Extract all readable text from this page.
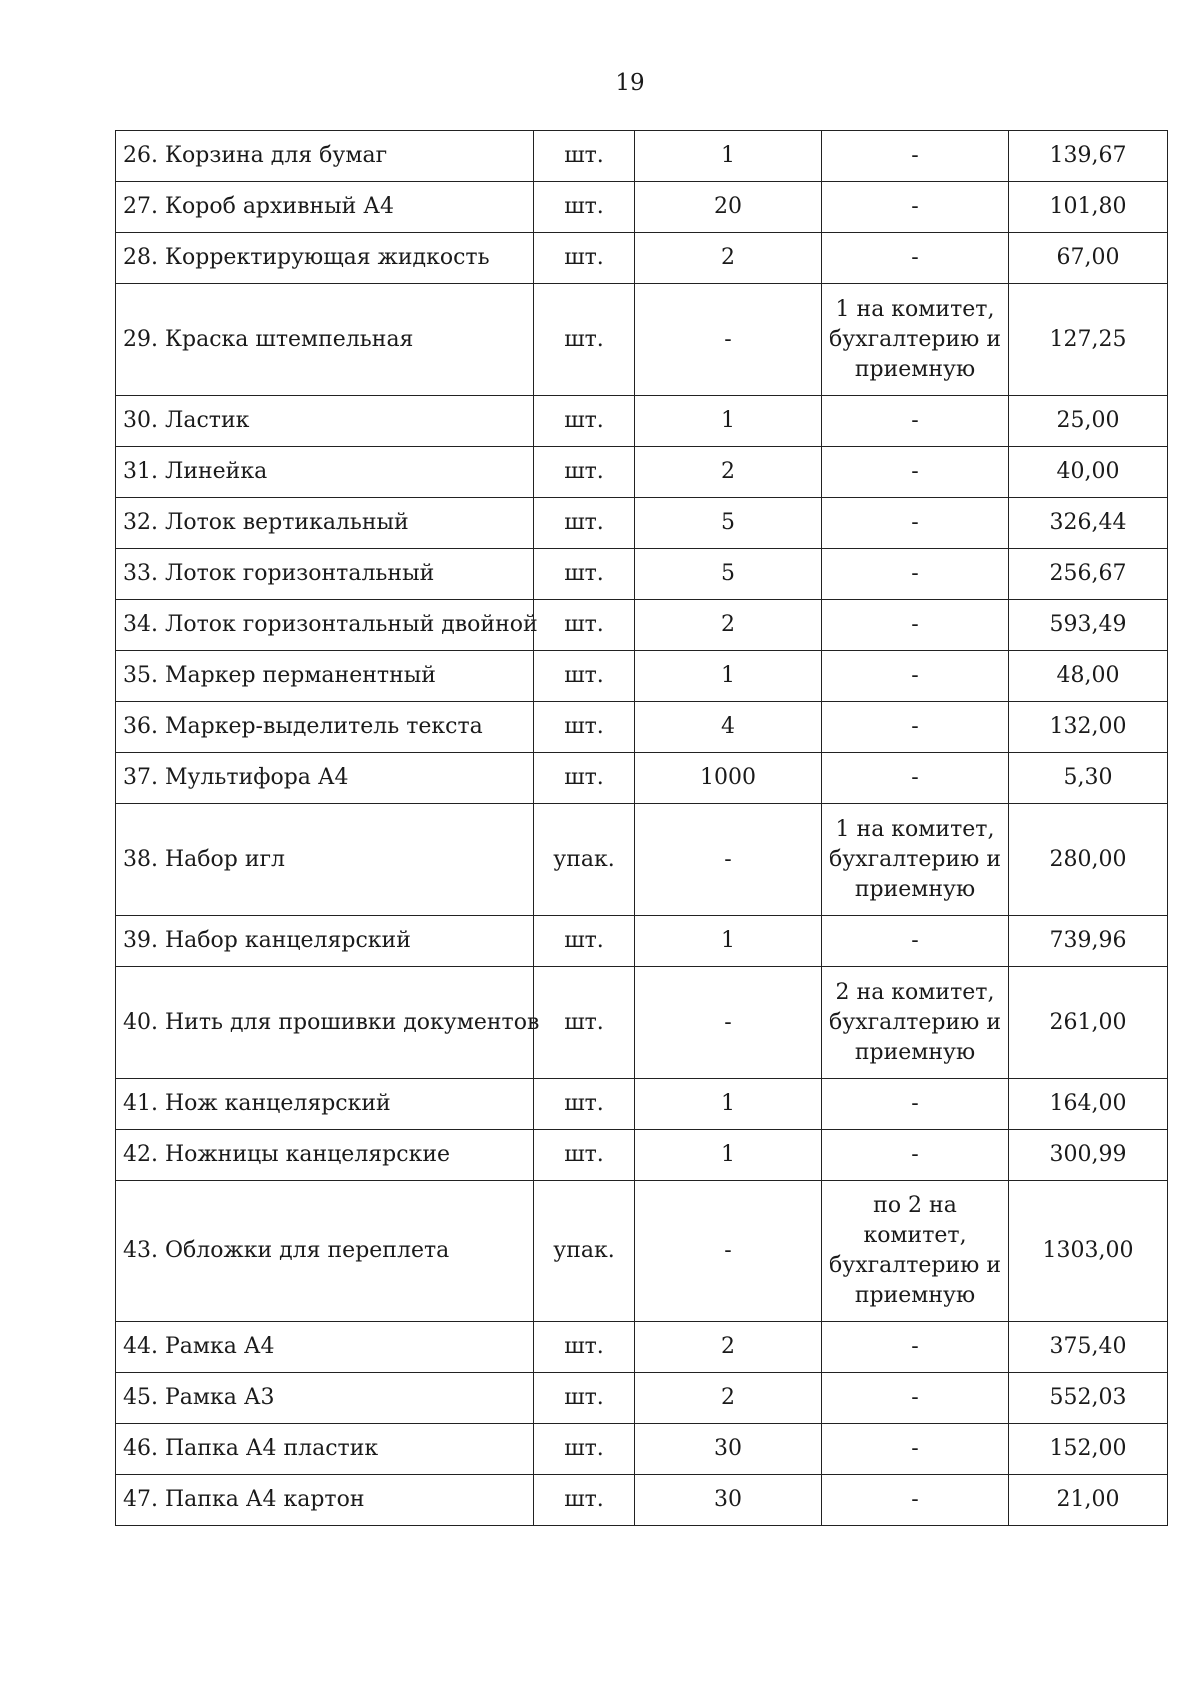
19
26. Корзина для бумаг	шт.	1	-	139,67
27. Короб архивный А4	шт.	20	-	101,80
28. Корректирующая жидкость	шт.	2	-	67,00
29. Краска штемпельная	шт.	-	1 на комитет, бухгалтерию и приемную	127,25
30. Ластик	шт.	1	-	25,00
31. Линейка	шт.	2	-	40,00
32. Лоток вертикальный	шт.	5	-	326,44
33. Лоток горизонтальный	шт.	5	-	256,67
34. Лоток горизонтальный двойной	шт.	2	-	593,49
35. Маркер перманентный	шт.	1	-	48,00
36. Маркер-выделитель текста	шт.	4	-	132,00
37. Мультифора А4	шт.	1000	-	5,30
38. Набор игл	упак.	-	1 на комитет, бухгалтерию и приемную	280,00
39. Набор канцелярский	шт.	1	-	739,96
40. Нить для прошивки документов	шт.	-	2 на комитет, бухгалтерию и приемную	261,00
41. Нож канцелярский	шт.	1	-	164,00
42. Ножницы канцелярские	шт.	1	-	300,99
43. Обложки для переплета	упак.	-	по 2 на комитет, бухгалтерию и приемную	1303,00
44. Рамка А4	шт.	2	-	375,40
45. Рамка А3	шт.	2	-	552,03
46. Папка А4 пластик	шт.	30	-	152,00
47. Папка А4 картон	шт.	30	-	21,00
